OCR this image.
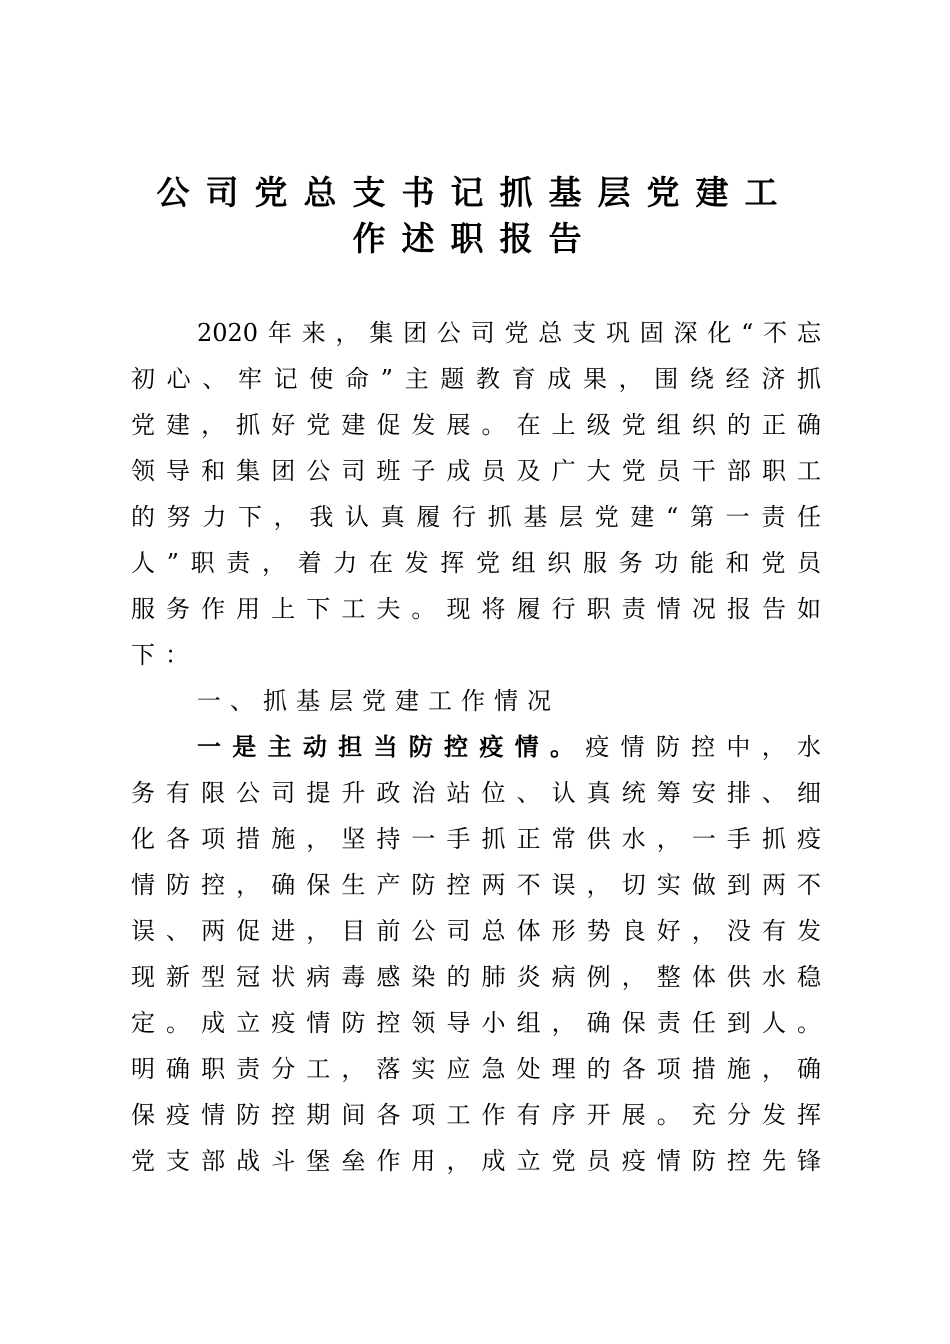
公司党总支书记抓基层党建工
作述职报告
2020年来，集团公司党总支巩固深化“不忘
初心、牢记使命”主题教育成果，围绕经济抓
党建，抓好党建促发展。在上级党组织的正确
领导和集团公司班子成员及广大党员干部职工
的努力下，我认真履行抓基层党建“第一责任
人”职责，着力在发挥党组织服务功能和党员
服务作用上下工夫。现将履行职责情况报告如
下：
一、抓基层党建工作情况
一是主动担当防控疫情。疫情防控中，水
务有限公司提升政治站位、认真统筹安排、细
化各项措施，坚持一手抓正常供水，一手抓疫
情防控，确保生产防控两不误，切实做到两不
误、两促进，目前公司总体形势良好，没有发
现新型冠状病毒感染的肺炎病例，整体供水稳
定。成立疫情防控领导小组，确保责任到人。
明确职责分工，落实应急处理的各项措施，确
保疫情防控期间各项工作有序开展。充分发挥
党支部战斗堡垒作用，成立党员疫情防控先锋
